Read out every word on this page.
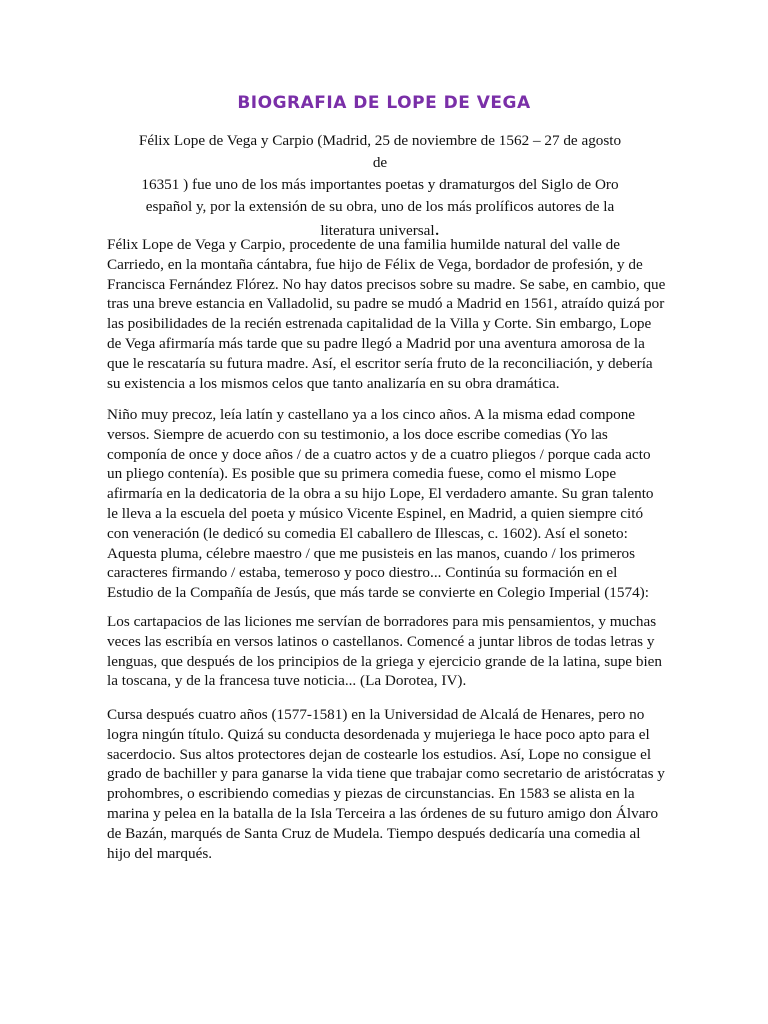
BIOGRAFIA DE LOPE DE VEGA
Félix Lope de Vega y Carpio (Madrid, 25 de noviembre de 1562 – 27 de agosto de
16351 ) fue uno de los más importantes poetas y dramaturgos del Siglo de Oro
español y, por la extensión de su obra, uno de los más prolíficos autores de la
literatura universal.

Félix Lope de Vega y Carpio, procedente de una familia humilde natural del valle de
Carriedo, en la montaña cántabra, fue hijo de Félix de Vega, bordador de profesión, y de
Francisca Fernández Flórez. No hay datos precisos sobre su madre. Se sabe, en cambio, que
tras una breve estancia en Valladolid, su padre se mudó a Madrid en 1561, atraído quizá por
las posibilidades de la recién estrenada capitalidad de la Villa y Corte. Sin embargo, Lope
de Vega afirmaría más tarde que su padre llegó a Madrid por una aventura amorosa de la
que le rescataría su futura madre. Así, el escritor sería fruto de la reconciliación, y debería
su existencia a los mismos celos que tanto analizaría en su obra dramática.

Niño muy precoz, leía latín y castellano ya a los cinco años. A la misma edad compone
versos. Siempre de acuerdo con su testimonio, a los doce escribe comedias (Yo las
componía de once y doce años / de a cuatro actos y de a cuatro pliegos / porque cada acto
un pliego contenía). Es posible que su primera comedia fuese, como el mismo Lope
afirmaría en la dedicatoria de la obra a su hijo Lope, El verdadero amante. Su gran talento
le lleva a la escuela del poeta y músico Vicente Espinel, en Madrid, a quien siempre citó
con veneración (le dedicó su comedia El caballero de Illescas, c. 1602). Así el soneto:
Aquesta pluma, célebre maestro / que me pusisteis en las manos, cuando / los primeros
caracteres firmando / estaba, temeroso y poco diestro... Continúa su formación en el
Estudio de la Compañía de Jesús, que más tarde se convierte en Colegio Imperial (1574):

Los cartapacios de las liciones me servían de borradores para mis pensamientos, y muchas
veces las escribía en versos latinos o castellanos. Comencé a juntar libros de todas letras y
lenguas, que después de los principios de la griega y ejercicio grande de la latina, supe bien
la toscana, y de la francesa tuve noticia... (La Dorotea, IV).

Cursa después cuatro años (1577-1581) en la Universidad de Alcalá de Henares, pero no
logra ningún título. Quizá su conducta desordenada y mujeriega le hace poco apto para el
sacerdocio. Sus altos protectores dejan de costearle los estudios. Así, Lope no consigue el
grado de bachiller y para ganarse la vida tiene que trabajar como secretario de aristócratas y
prohombres, o escribiendo comedias y piezas de circunstancias. En 1583 se alista en la
marina y pelea en la batalla de la Isla Terceira a las órdenes de su futuro amigo don Álvaro
de Bazán, marqués de Santa Cruz de Mudela. Tiempo después dedicaría una comedia al
hijo del marqués.
